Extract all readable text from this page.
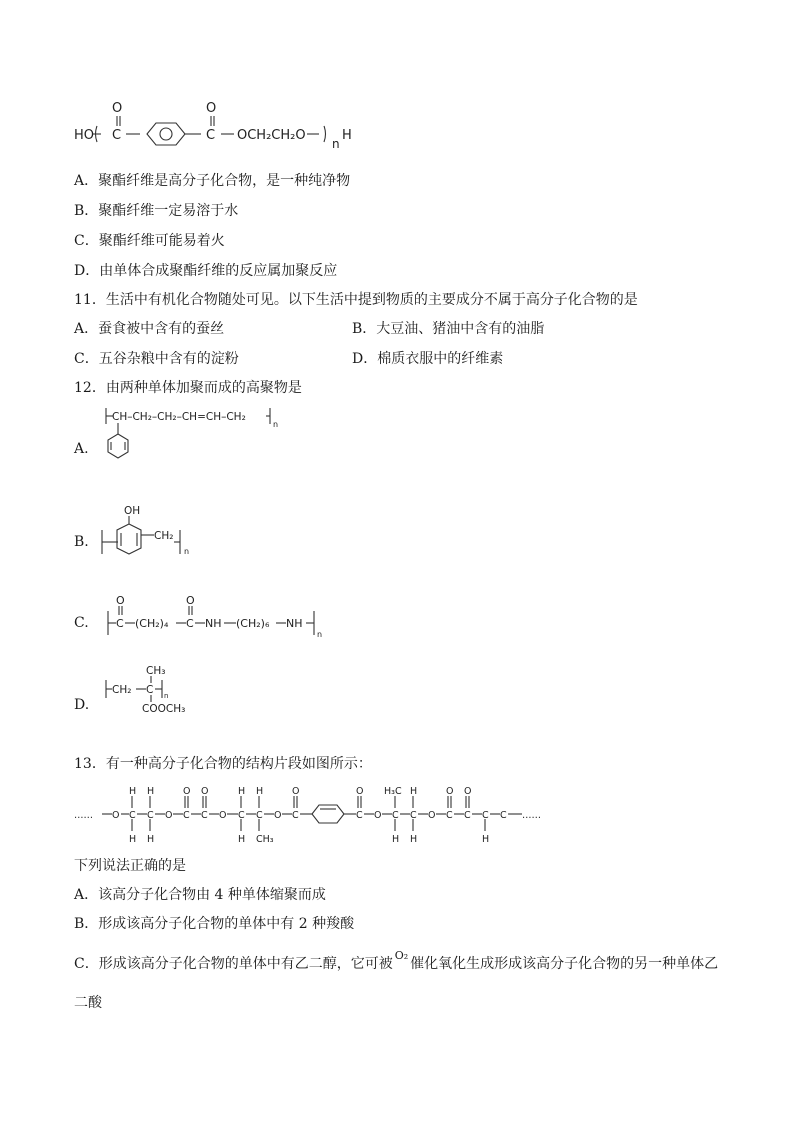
HO C
O
C
O
OCH₂CH₂O
n
H
A．聚酯纤维是高分子化合物，是一种纯净物
B．聚酯纤维一定易溶于水
C．聚酯纤维可能易着火
D．由单体合成聚酯纤维的反应属加聚反应
11．生活中有机化合物随处可见。以下生活中提到物质的主要成分不属于高分子化合物的是
A．蚕食被中含有的蚕丝	B．大豆油、猪油中含有的油脂
C．五谷杂粮中含有的淀粉	D．棉质衣服中的纤维素
12．由两种单体加聚而成的高聚物是
A.
CH–CH₂–CH₂–CH=CH–CH₂
n
B.
OH
CH₂
n
C. C
O
(CH₂)₄ C
O
NH (CH₂)₆ NH
n
D.
CH₃
CH₂ C n
COOCH₃
13．有一种高分子化合物的结构片段如图所示：
…… O C
H
H
C
H
H
O C
O
C
O
O C
H
H
C
H
CH₃
O C
O
C
O
O C
H₃C
H
C
H
H
O C
O
C
O
C
H
C ……
下列说法正确的是
A．该高分子化合物由 4 种单体缩聚而成
B．形成该高分子化合物的单体中有 2 种羧酸
C．形成该高分子化合物的单体中有乙二醇，它可被$^{O_2}$催化氧化生成形成该高分子化合物的另一种单体乙
二酸
